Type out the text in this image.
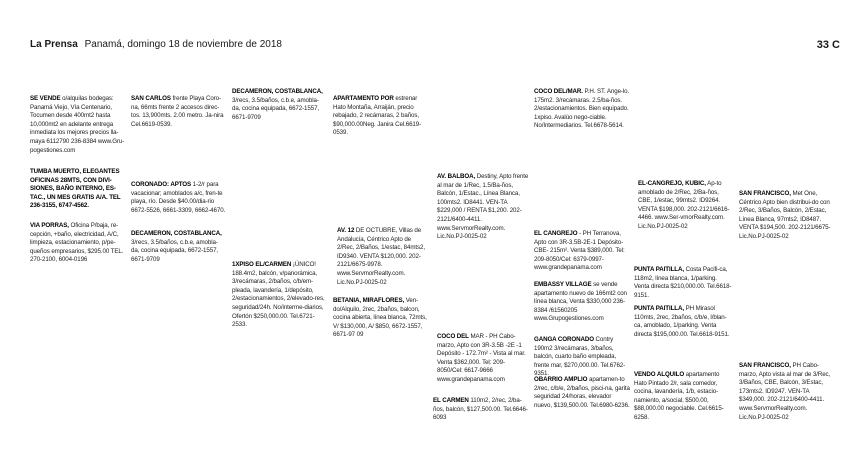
La Prensa Panamá, domingo 18 de noviembre de 2018	33 C
SE VENDE o/alquilas bodegas: Panamá Viejo, Vía Centenario, Tocumen desde 400mt2 hasta 10,000mt2 en adelante entrega inmediata los mejores precios lla-maya 6112790 236-8384 www.Gru-pogestiones.com
TUMBA MUERTO, ELEGANTES OFICINAS 28MTS, CON DIVI-SIONES, BAÑO INTERNO, ES-TAC., UN MES GRATIS A/A. TEL 236-3155, 6747-4562.
VIA PORRAS, Oficina P/baja, re-cepción, +baño, electricidad, A/C, limpieza, estacionamiento, p/pe-queños empresarios, $295.00 TEL. 270-2100, 6004-0196
SAN CARLOS frente Playa Coro-na, 66mts frente 2 accesos direc-tos. 13,900mts. 2.00 metro. Ja-nira Cel.6619-0539.
CORONADO: APTOS 1-2/r para vacacionar; amoblados a/c, fren-te playa, río. Desde $40.00/dia-rio 6672-5526, 6661-3309, 6662-4670.
DECAMERON, COSTABLANCA, 3/recs, 3.5/baños, c.b.e, amobla-da, cocina equipada, 6672-1557, 6671-9709
DECAMERON, COSTABLANCA, 3/recs, 3.5/baños, c.b.e, amobla-da, cocina equipada, 6672-1557, 6671-9709
1XPISO EL/CARMEN ¡ÚNICO! 188.4m2, balcón, v/panorámica, 3/recámaras, 2/baños, c/b/em-pleada, lavandería, 1/depósito, 2/estacionamientos, 2/elevado-res, seguridad/24h. No/interme-diarios, Ofertón $250,000.00. Tel.6721-2533.
APARTAMENTO POR estrenar Hato Montaña, Arraiján, precio rebajado, 2 recámaras, 2 baños, $90,000.00Neg. Janira Cel.6619-0539.
AV. 12 DE OCTUBRE, Villas de Andalucía, Céntrico Apto de 2/Rec, 2/Baños, 1/estac, 84mts2, ID9340. VENTA $120,000. 202-2121/6675-9978. www.ServmorRealty.com. Lic.No.PJ-0025-02
BETANIA, MIRAFLORES, Ven-do/Alquilo, 2rec, 2baños, balcon, cocina abierta, línea blanca, 72mts, V/ $130,000, A/ $850, 6672-1557, 6671-97 09
AV. BALBOA, Destiny, Apto frente al mar de 1/Rec, 1.5/Ba-ños, Balcón, 1/Estac., Línea Blanca, 100mts2. ID8441. VEN-TA $229,000 / RENTA $1,200. 202-2121/6400-4411. www.ServmorRealty.com. Lic.No.PJ-0025-02
COCO DEL MAR - PH Cabo-marzo, Apto con 3R-3.5B -2E -1 Depósito - 172.7m² - Vista al mar. Venta $362,000. Tel: 209-8050/Cel: 6617-9666 www.grandepanama.com
EL CARMEN 110m2, 2/rec, 2/ba-ños, balcón, $127,500.00. Tel.6646-6093
COCO DEL/MAR. P.H. ST. Ange-lo. 175m2. 3/recámaras. 2.5/ba-ños. 2/estacionamientos. Bien equipado. 1xpiso. Avalúo nego-ciable. No/Intermediarios. Tel.6678-5614.
EL CANGREJO - PH Terranova, Apto con 3R-3.5B-2E-1 Depósito-CBE- 215m². Venta $389,000. Tel: 209-8050/Cel: 6379-0997-www.grandepanama.com
EMBASSY VILLAGE se vende apartamento nuevo de 166mt2 con línea blanca, Venta $330,000 236-8384 /61560205 www.Grupogestiones.com
GANGA CORONADO Contry 190m2 3/recámaras, 3/baños, balcón, cuarto baño empleada, frente mar, $270,000.00. Tel.6762-9351.
OBARRIO AMPLIO apartamen-to 2/rec, c/b/e, 2/baños, pisci-na, garita seguridad 24/horas, elevador nuevo, $139,500.00. Tel.6980-6236.
EL-CANGREJO, KUBIC, Ap-to amoblado de 2/Rec, 2/Ba-ños, CBE, 1/estac, 99mts2. ID9264. VENTA $198,000. 202-2121/6616-4466. www.Ser-vmorRealty.com. Lic.No.PJ-0025-02
PUNTA PAITILLA, Costa Pacifi-ca, 118m2, línea blanca, 1/parking. Venta directa $210,000.00. Tel.6618-9151.
PUNTA PAITILLA, PH Mirasol 110mts, 2rec, 2baños, c/b/e, l/blan-ca, amoblado, 1/parking. Venta directa $195,000.00. Tel.6618-9151.
VENDO ALQUILO apartamento Hato Pintado 2/r, sala comedor, cocina, lavandería, 1/b, estacio-namiento, a/social, $500.00, $88,000.00 negociable. Cel.6615-6258.
SAN FRANCISCO, Met One, Céntrico Apto bien distribui-do con 2/Rec, 3/Baños, Balcón, 2/Estac, Línea Blanca, 97mts2, ID8487. VENTA $194,500. 202-2121/6675- Lic.No.PJ-0025-02
SAN FRANCISCO, PH Cabo-marzo, Apto vista al mar de 3/Rec, 3/Baños, CBE, Balcón, 3/Estac, 173mts2. ID9247. VEN-TA $349,000. 202-2121/6400-4411. www.ServmorRealty.com. Lic.No.PJ-0025-02
